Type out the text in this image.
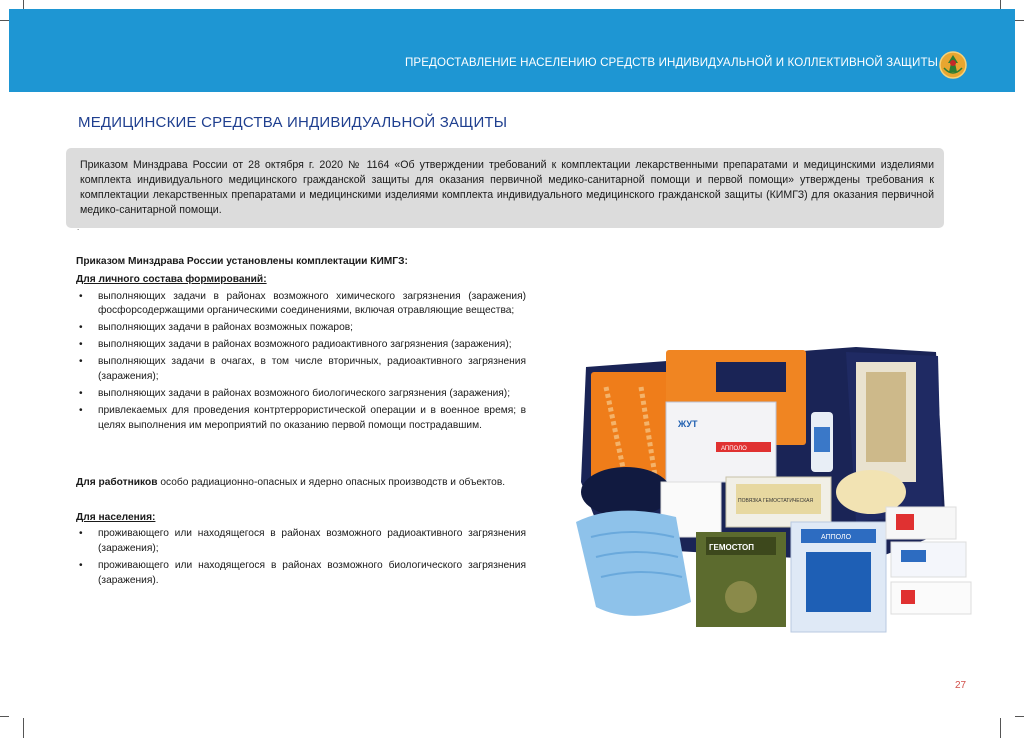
ПРЕДОСТАВЛЕНИЕ НАСЕЛЕНИЮ СРЕДСТВ ИНДИВИДУАЛЬНОЙ И КОЛЛЕКТИВНОЙ ЗАЩИТЫ
МЕДИЦИНСКИЕ СРЕДСТВА ИНДИВИДУАЛЬНОЙ ЗАЩИТЫ
Приказом Минздрава России от 28 октября г. 2020 № 1164 «Об утверждении требований к комплектации лекарственными препаратами и медицинскими изделиями комплекта индивидуального медицинского гражданской защиты для оказания первичной медико-санитарной помощи и первой помощи» утверждены требования к комплектации лекарственных препаратами и медицинскими изделиями комплекта индивидуального медицинского гражданской защиты (КИМГЗ) для оказания первичной медико-санитарной помощи.
.

Приказом Минздрава России установлены комплектации КИМГЗ:

Для личного состава формирований:

• выполняющих задачи в районах возможного химического загрязнения (заражения) фосфорсодержащими органическими соединениями, включая отравляющие вещества;
• выполняющих задачи в районах возможных пожаров;
• выполняющих задачи в районах возможного радиоактивного загрязнения (заражения);
• выполняющих задачи в очагах, в том числе вторичных, радиоактивного загрязнения (заражения);
• выполняющих задачи в районах возможного биологического загрязнения (заражения);
• привлекаемых для проведения контртеррористической операции и в военное время; в целях выполнения им мероприятий по оказанию первой помощи пострадавшим.

Для работников особо радиационно-опасных и ядерно опасных производств и объектов.

Для населения:

• проживающего или находящегося в районах возможного радиоактивного загрязнения (заражения);
• проживающего или находящегося в районах возможного биологического загрязнения (заражения).
ЖУТ
АППОЛО
ГЕМОСТОП
АППОЛО
ПОВЯЗКА ГЕМОСТАТИЧЕСКАЯ
27
